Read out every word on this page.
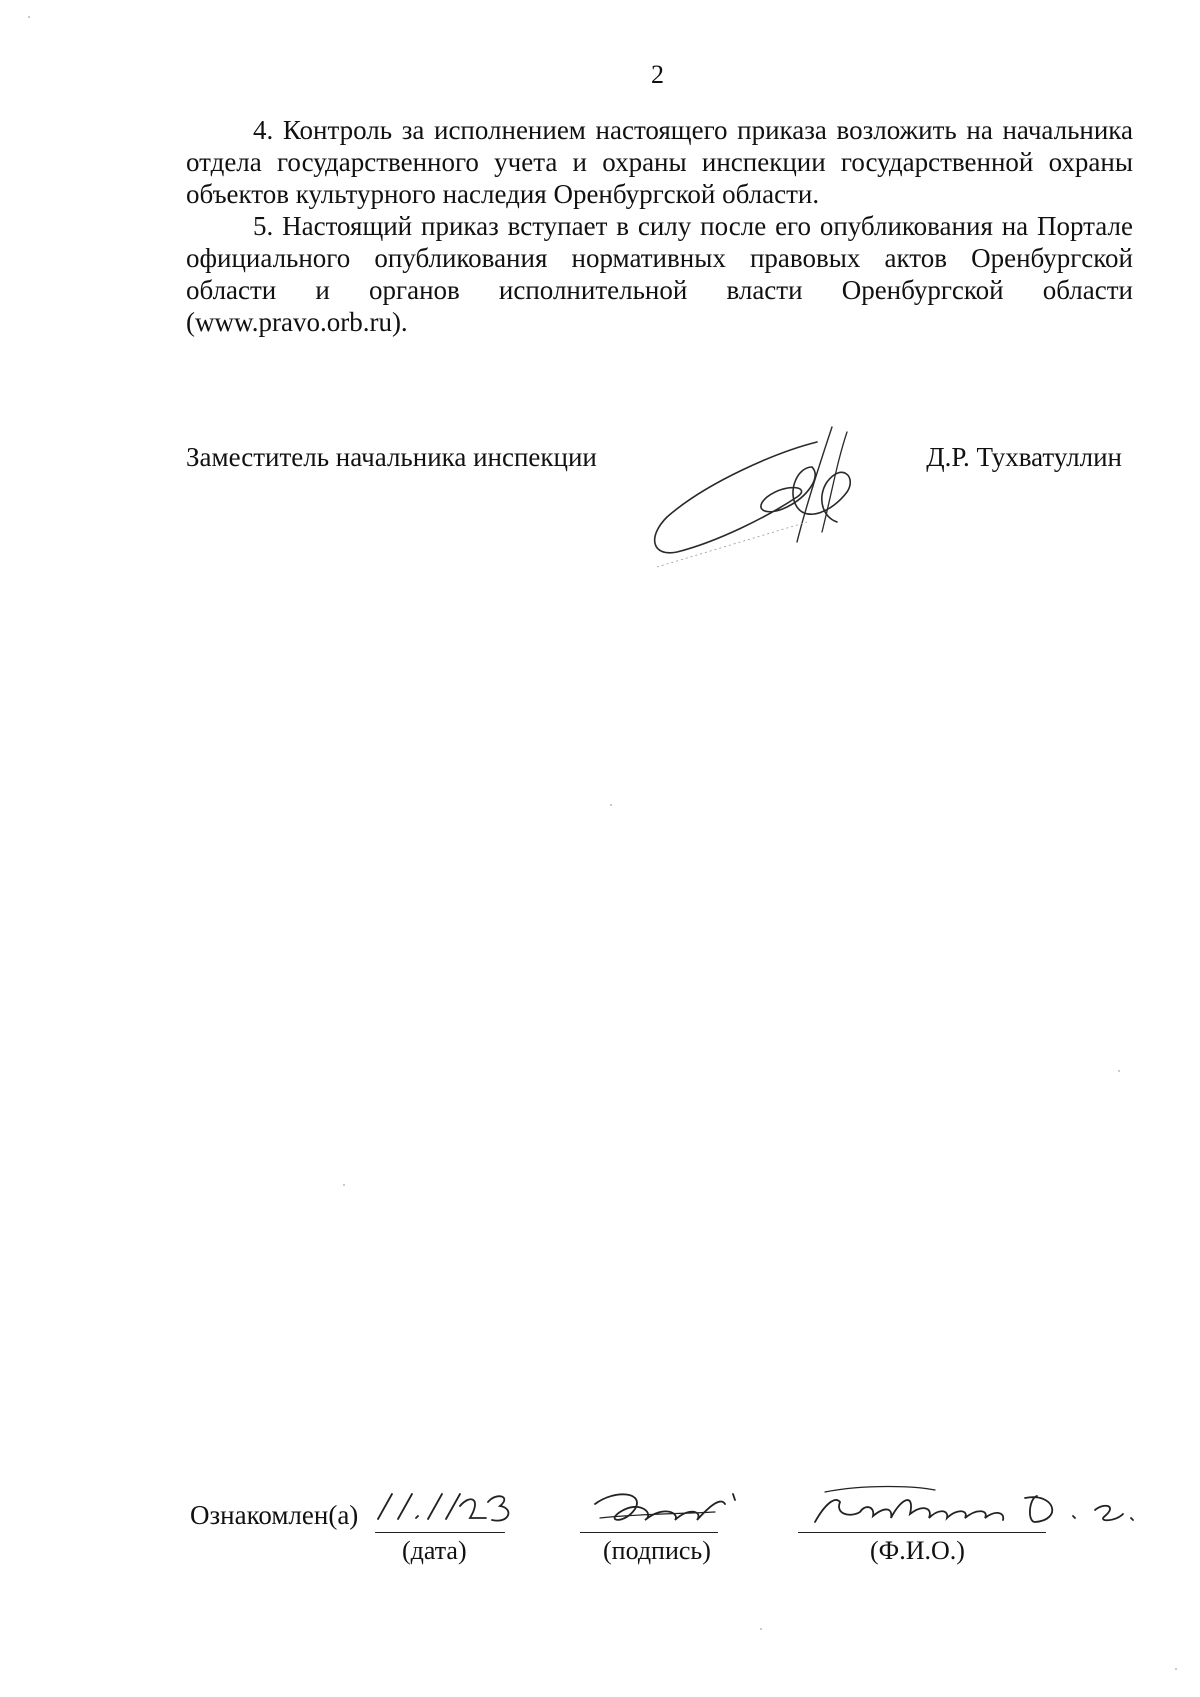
2

4. Контроль за исполнением настоящего приказа возложить на начальника отдела государственного учета и охраны инспекции государственной охраны объектов культурного наследия Оренбургской области.

5. Настоящий приказ вступает в силу после его опубликования на Портале официального опубликования нормативных правовых актов Оренбургской области и органов исполнительной власти Оренбургской области (www.pravo.orb.ru).

Заместитель начальника инспекции	Д.Р. Тухватуллин
Ознакомлен(а)
(дата)	(подпись)	(Ф.И.О.)
